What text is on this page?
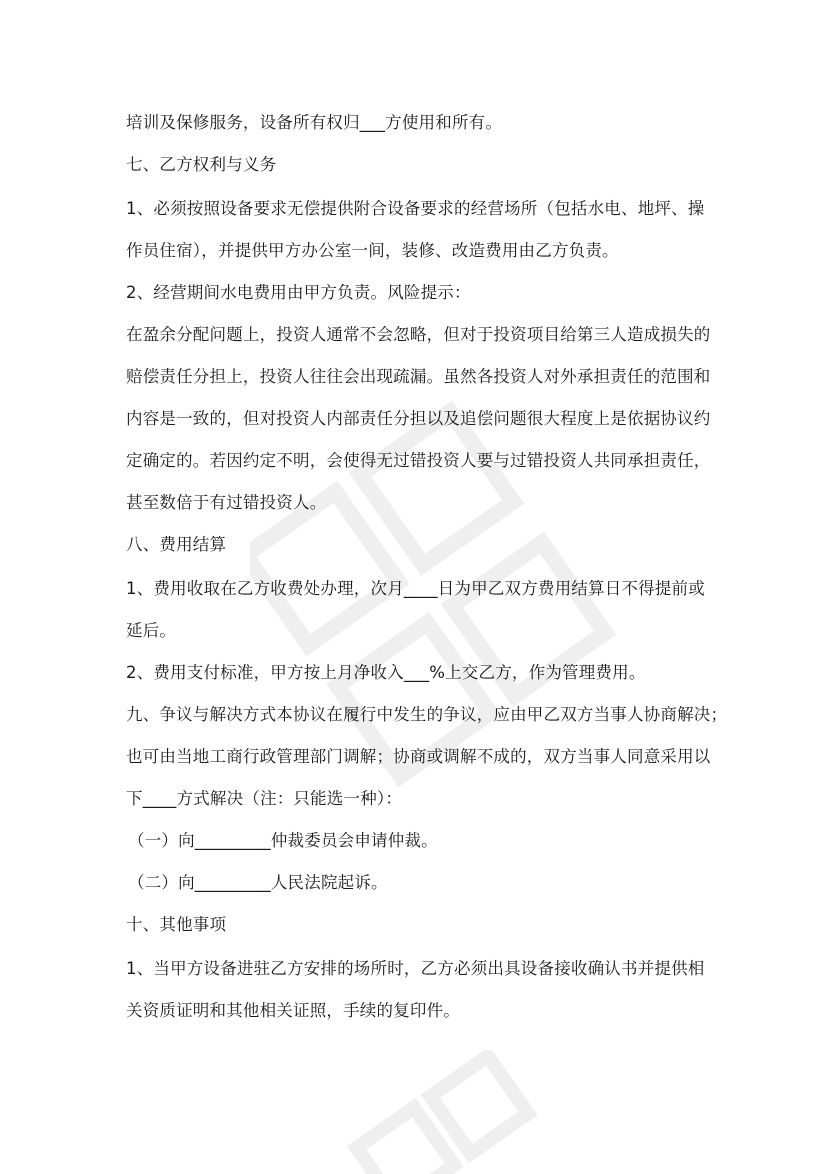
培训及保修服务，设备所有权归___方使用和所有。

七、乙方权利与义务

1、必须按照设备要求无偿提供附合设备要求的经营场所（包括水电、地坪、操

作员住宿），并提供甲方办公室一间，装修、改造费用由乙方负责。

2、经营期间水电费用由甲方负责。风险提示：

在盈余分配问题上，投资人通常不会忽略，但对于投资项目给第三人造成损失的

赔偿责任分担上，投资人往往会出现疏漏。虽然各投资人对外承担责任的范围和

内容是一致的，但对投资人内部责任分担以及追偿问题很大程度上是依据协议约

定确定的。若因约定不明，会使得无过错投资人要与过错投资人共同承担责任，

甚至数倍于有过错投资人。

八、费用结算

1、费用收取在乙方收费处办理，次月____日为甲乙双方费用结算日不得提前或

延后。

2、费用支付标准，甲方按上月净收入___%上交乙方，作为管理费用。

九、争议与解决方式本协议在履行中发生的争议，应由甲乙双方当事人协商解决；

也可由当地工商行政管理部门调解；协商或调解不成的，双方当事人同意采用以

下____方式解决（注：只能选一种）：

（一）向_________仲裁委员会申请仲裁。

（二）向_________人民法院起诉。

十、其他事项

1、当甲方设备进驻乙方安排的场所时，乙方必须出具设备接收确认书并提供相

关资质证明和其他相关证照，手续的复印件。
